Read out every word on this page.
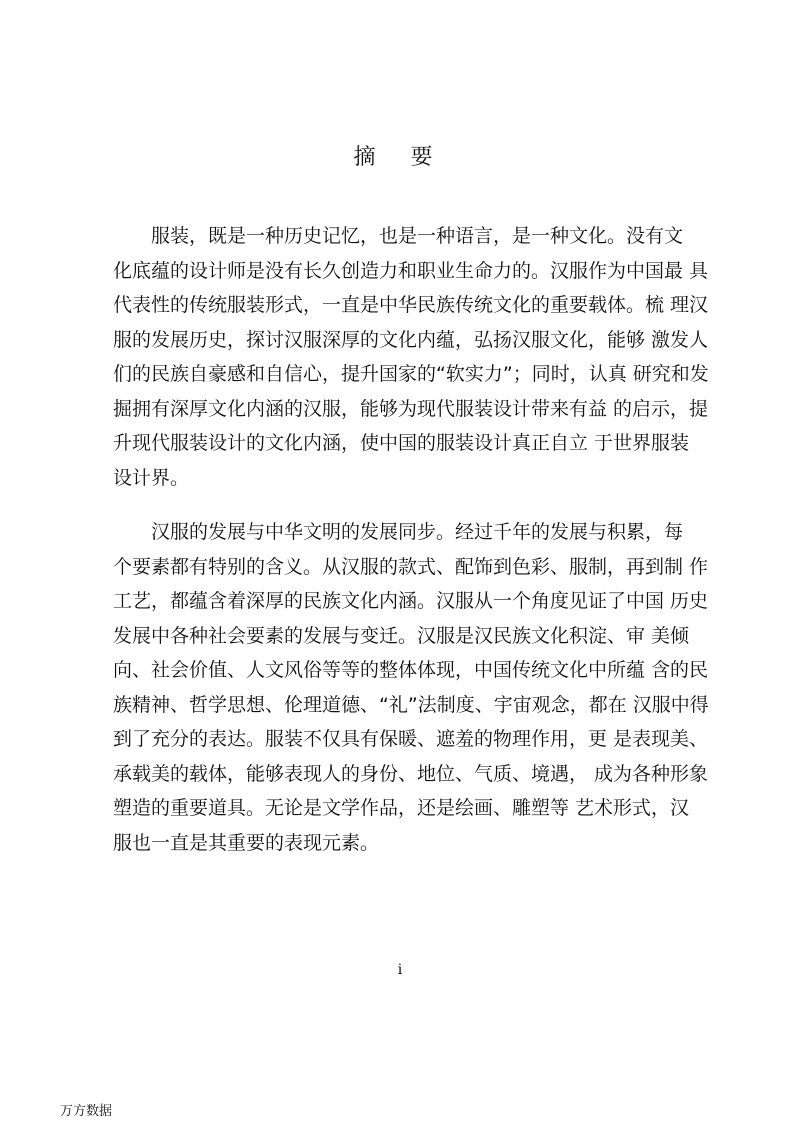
摘 要
服装，既是一种历史记忆，也是一种语言，是一种文化。没有文
化底蕴的设计师是没有长久创造力和职业生命力的。汉服作为中国最 具
代表性的传统服装形式，一直是中华民族传统文化的重要载体。梳 理汉
服的发展历史，探讨汉服深厚的文化内蕴，弘扬汉服文化，能够 激发人
们的民族自豪感和自信心，提升国家的“软实力”；同时，认真 研究和发
掘拥有深厚文化内涵的汉服，能够为现代服装设计带来有益 的启示，提
升现代服装设计的文化内涵，使中国的服装设计真正自立 于世界服装
设计界。
汉服的发展与中华文明的发展同步。经过千年的发展与积累，每
个要素都有特别的含义。从汉服的款式、配饰到色彩、服制，再到制 作
工艺，都蕴含着深厚的民族文化内涵。汉服从一个角度见证了中国 历史
发展中各种社会要素的发展与变迁。汉服是汉民族文化积淀、审 美倾
向、社会价值、人文风俗等等的整体体现，中国传统文化中所蕴 含的民
族精神、哲学思想、伦理道德、“礼”法制度、宇宙观念，都在 汉服中得
到了充分的表达。服装不仅具有保暖、遮羞的物理作用，更 是表现美、
承载美的载体，能够表现人的身份、地位、气质、境遇， 成为各种形象
塑造的重要道具。无论是文学作品，还是绘画、雕塑等 艺术形式，汉
服也一直是其重要的表现元素。
i
万方数据
